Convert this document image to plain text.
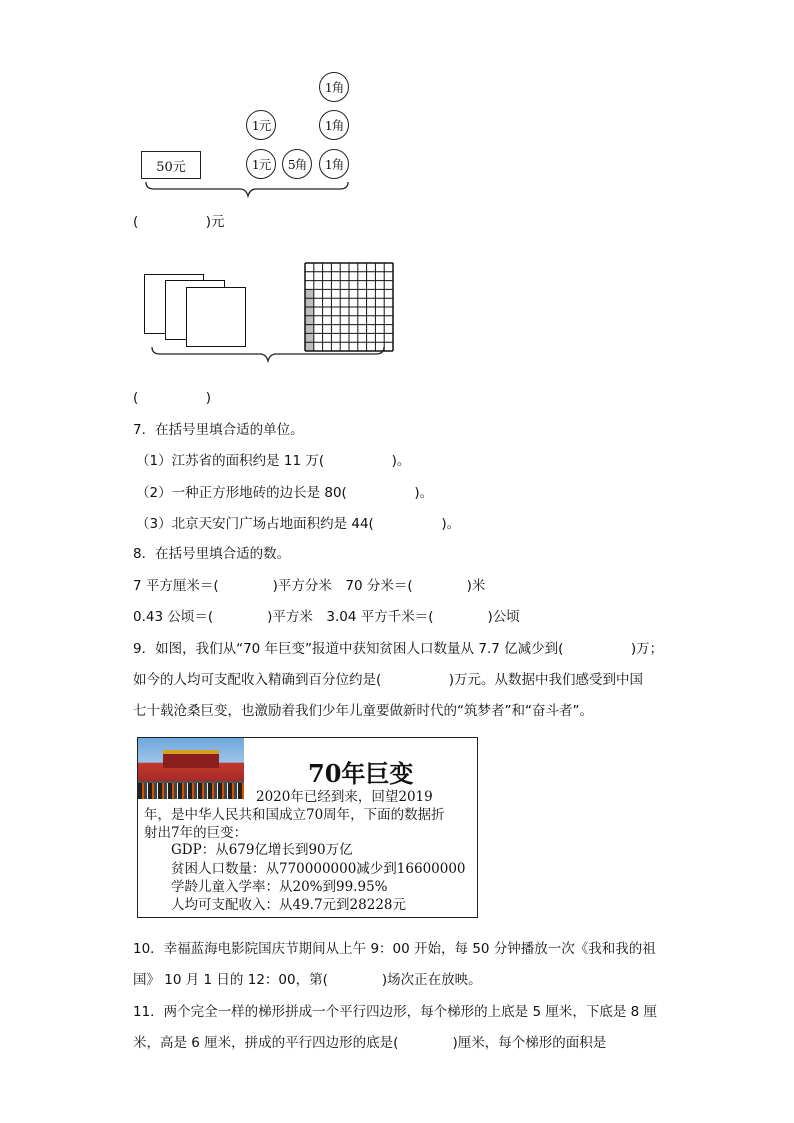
50元
1元
1元	5角
1角
1角
1角
(　　　　　)元
(　　　　　)
7．在括号里填合适的单位。
（1）江苏省的面积约是 11 万(　　　　　)。
（2）一种正方形地砖的边长是 80(　　　　　)。
（3）北京天安门广场占地面积约是 44(　　　　　)。
8．在括号里填合适的数。
7 平方厘米＝(　　　　)平方分米　70 分米＝(　　　　)米
0.43 公顷＝(　　　　)平方米　3.04 平方千米＝(　　　　)公顷
9．如图，我们从“70 年巨变”报道中获知贫困人口数量从 7.7 亿减少到(　　　　　)万；
如今的人均可支配收入精确到百分位约是(　　　　　)万元。从数据中我们感受到中国
七十载沧桑巨变，也激励着我们少年儿童要做新时代的“筑梦者”和“奋斗者”。
70年巨变
2020年已经到来，回望2019
年，是中华人民共和国成立70周年，下面的数据折
射出7年的巨变：
GDP：从679亿增长到90万亿
贫困人口数量：从770000000减少到16600000
学龄儿童入学率：从20%到99.95%
人均可支配收入：从49.7元到28228元
10．幸福蓝海电影院国庆节期间从上午 9：00 开始，每 50 分钟播放一次《我和我的祖
国》 10 月 1 日的 12：00，第(　　　　)场次正在放映。
11．两个完全一样的梯形拼成一个平行四边形，每个梯形的上底是 5 厘米，下底是 8 厘
米，高是 6 厘米，拼成的平行四边形的底是(　　　　)厘米，每个梯形的面积是
